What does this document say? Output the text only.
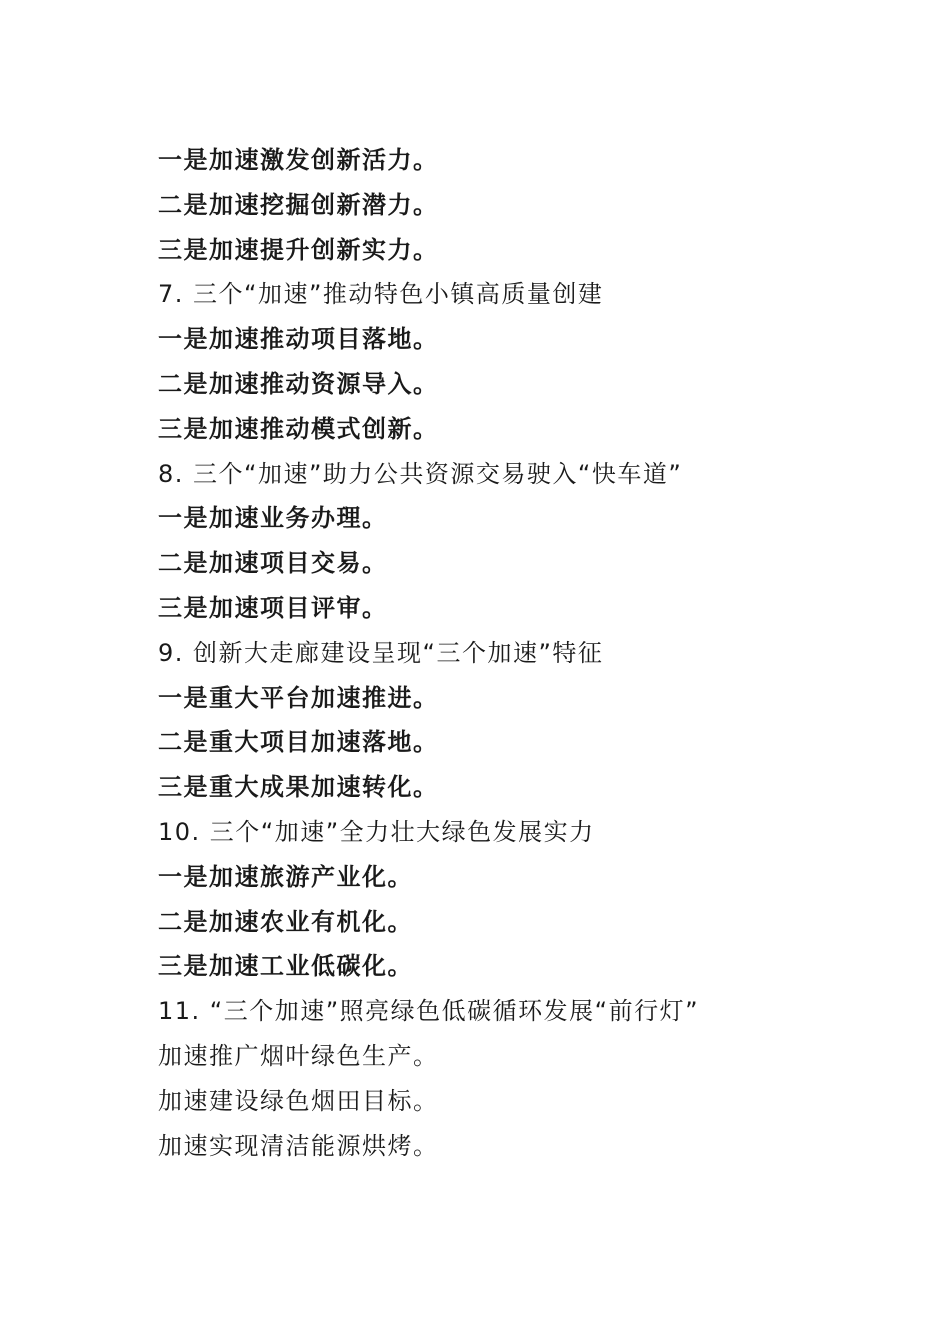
一是加速激发创新活力。
二是加速挖掘创新潜力。
三是加速提升创新实力。
7. 三个“加速”推动特色小镇高质量创建
一是加速推动项目落地。
二是加速推动资源导入。
三是加速推动模式创新。
8. 三个“加速”助力公共资源交易驶入“快车道”
一是加速业务办理。
二是加速项目交易。
三是加速项目评审。
9. 创新大走廊建设呈现“三个加速”特征
一是重大平台加速推进。
二是重大项目加速落地。
三是重大成果加速转化。
10. 三个“加速”全力壮大绿色发展实力
一是加速旅游产业化。
二是加速农业有机化。
三是加速工业低碳化。
11. “三个加速”照亮绿色低碳循环发展“前行灯”
加速推广烟叶绿色生产。
加速建设绿色烟田目标。
加速实现清洁能源烘烤。
